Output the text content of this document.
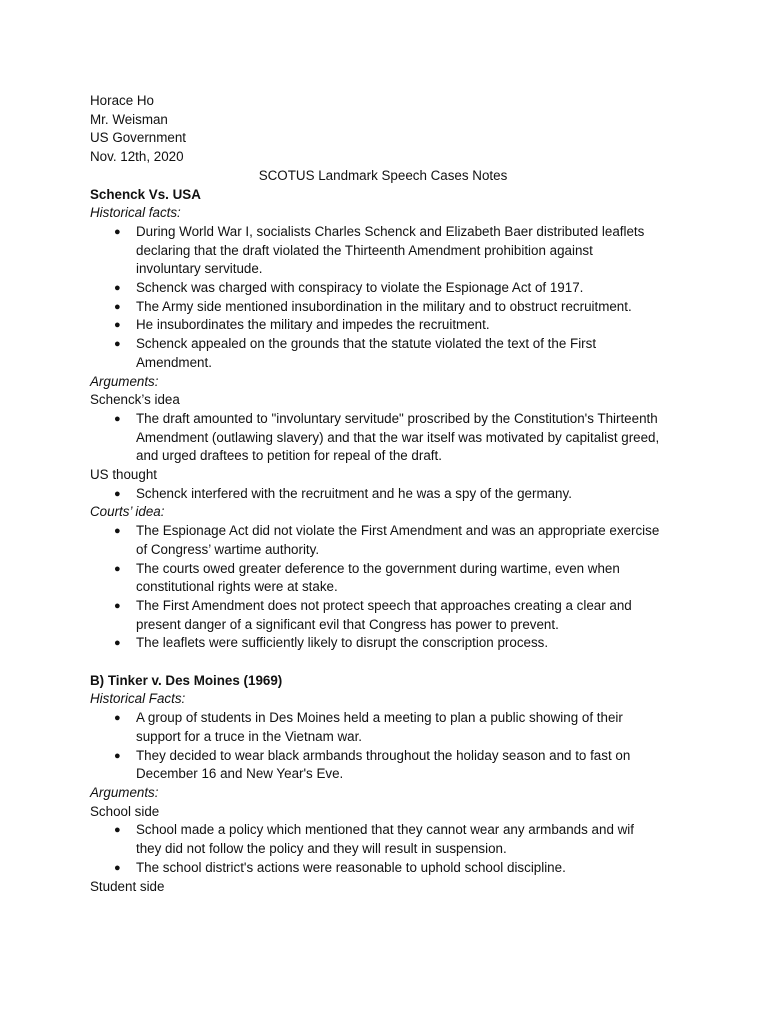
Horace Ho
Mr. Weisman
US Government
Nov. 12th, 2020
SCOTUS Landmark Speech Cases Notes
Schenck Vs. USA
Historical facts:
● During World War I, socialists Charles Schenck and Elizabeth Baer distributed leaflets
declaring that the draft violated the Thirteenth Amendment prohibition against
involuntary servitude.
● Schenck was charged with conspiracy to violate the Espionage Act of 1917.
● The Army side mentioned insubordination in the military and to obstruct recruitment.
● He insubordinates the military and impedes the recruitment.
● Schenck appealed on the grounds that the statute violated the text of the First
Amendment.
Arguments:
Schenck’s idea
● The draft amounted to "involuntary servitude" proscribed by the Constitution's Thirteenth
Amendment (outlawing slavery) and that the war itself was motivated by capitalist greed,
and urged draftees to petition for repeal of the draft.
US thought
● Schenck interfered with the recruitment and he was a spy of the germany.
Courts’ idea:
● The Espionage Act did not violate the First Amendment and was an appropriate exercise
of Congress’ wartime authority.
● The courts owed greater deference to the government during wartime, even when
constitutional rights were at stake.
● The First Amendment does not protect speech that approaches creating a clear and
present danger of a significant evil that Congress has power to prevent.
● The leaflets were sufficiently likely to disrupt the conscription process.
B) Tinker v. Des Moines (1969)
Historical Facts:
● A group of students in Des Moines held a meeting to plan a public showing of their
support for a truce in the Vietnam war.
● They decided to wear black armbands throughout the holiday season and to fast on
December 16 and New Year's Eve.
Arguments:
School side
● School made a policy which mentioned that they cannot wear any armbands and wif
they did not follow the policy and they will result in suspension.
● The school district's actions were reasonable to uphold school discipline.
Student side
